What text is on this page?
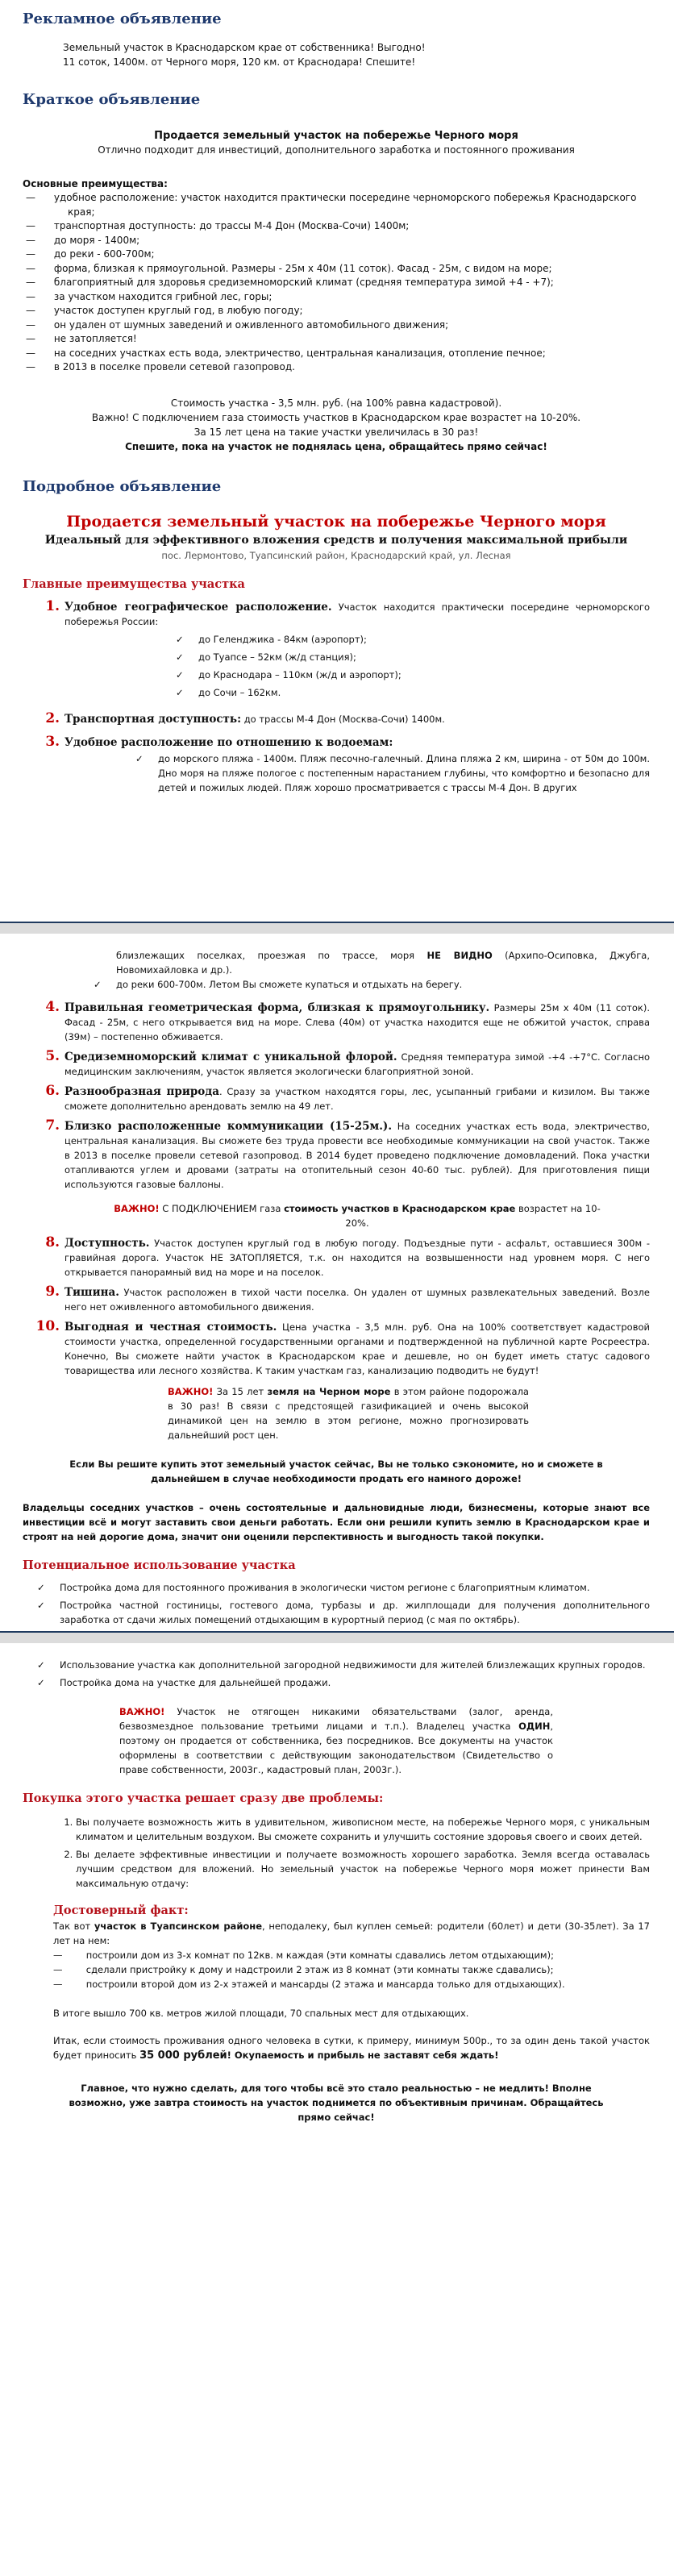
Рекламное объявление
Земельный участок в Краснодарском крае от собственника! Выгодно!
11 соток, 1400м. от Черного моря, 120 км. от Краснодара! Спешите!
Краткое объявление
Продается земельный участок на побережье Черного моря
Отлично подходит для инвестиций, дополнительного заработка и постоянного проживания
Основные преимущества:
—      удобное расположение: участок находится практически посередине черноморского побережья Краснодарского края;
—      транспортная доступность: до трассы М-4 Дон (Москва-Сочи) 1400м;
—      до моря - 1400м;
—      до реки - 600-700м;
—      форма, близкая к прямоугольной. Размеры - 25м х 40м (11 соток). Фасад - 25м, с видом на море;
—      благоприятный для здоровья средиземноморский климат (средняя температура зимой +4 - +7);
—      за участком находится грибной лес, горы;
—      участок доступен круглый год, в любую погоду;
—      он удален от шумных заведений и оживленного автомобильного движения;
—      не затопляется!
—      на соседних участках есть вода, электричество, центральная канализация, отопление печное;
—      в 2013 в поселке провели сетевой газопровод.
Стоимость участка - 3,5 млн. руб. (на 100% равна кадастровой).
Важно! С подключением газа стоимость участков в Краснодарском крае возрастет на 10-20%.
За 15 лет цена на такие участки увеличилась в 30 раз!
Спешите, пока на участок не поднялась цена, обращайтесь прямо сейчас!
Подробное объявление
Продается земельный участок на побережье Черного моря
Идеальный для эффективного вложения средств и получения максимальной прибыли
пос. Лермонтово, Туапсинский район, Краснодарский край, ул. Лесная
Главные преимущества участка
1. Удобное географическое расположение. Участок находится практически посередине черноморского побережья России:
✓ до Геленджика - 84км (аэропорт);
✓ до Туапсе – 52км (ж/д станция);
✓ до Краснодара – 110км (ж/д и аэропорт);
✓ до Сочи – 162км.
2. Транспортная доступность: до трассы М-4 Дон (Москва-Сочи) 1400м.
3. Удобное расположение по отношению к водоемам:
✓ до морского пляжа - 1400м. Пляж песочно-галечный. Длина пляжа 2 км, ширина - от 50м до 100м. Дно моря на пляже пологое с постепенным нарастанием глубины, что комфортно и безопасно для детей и пожилых людей. Пляж хорошо просматривается с трассы М-4 Дон. В других
близлежащих поселках, проезжая по трассе, моря НЕ ВИДНО (Архипо-Осиповка, Джубга, Новомихайловка и др.).
✓ до реки 600-700м. Летом Вы сможете купаться и отдыхать на берегу.
4. Правильная геометрическая форма, близкая к прямоугольнику. Размеры 25м х 40м (11 соток). Фасад - 25м, с него открывается вид на море. Слева (40м) от участка находится еще не обжитой участок, справа (39м) – постепенно обживается.
5. Средиземноморский климат с уникальной флорой. Средняя температура зимой -+4 -+7°С. Согласно медицинским заключениям, участок является экологически благоприятной зоной.
6. Разнообразная природа. Сразу за участком находятся горы, лес, усыпанный грибами и кизилом. Вы также сможете дополнительно арендовать землю на 49 лет.
7. Близко расположенные коммуникации (15-25м.). На соседних участках есть вода, электричество, центральная канализация. Вы сможете без труда провести все необходимые коммуникации на свой участок. Также в 2013 в поселке провели сетевой газопровод. В 2014 будет проведено подключение домовладений. Пока участки отапливаются углем и дровами (затраты на отопительный сезон 40-60 тыс. рублей). Для приготовления пищи используются газовые баллоны.
ВАЖНО! С ПОДКЛЮЧЕНИЕМ газа стоимость участков в Краснодарском крае возрастет на 10-20%.
8. Доступность. Участок доступен круглый год в любую погоду. Подъездные пути - асфальт, оставшиеся 300м - гравийная дорога. Участок НЕ ЗАТОПЛЯЕТСЯ, т.к. он находится на возвышенности над уровнем моря. С него открывается панорамный вид на море и на поселок.
9. Тишина. Участок расположен в тихой части поселка. Он удален от шумных развлекательных заведений. Возле него нет оживленного автомобильного движения.
10. Выгодная и честная стоимость. Цена участка - 3,5 млн. руб. Она на 100% соответствует кадастровой стоимости участка, определенной государственными органами и подтвержденной на публичной карте Росреестра. Конечно, Вы сможете найти участок в Краснодарском крае и дешевле, но он будет иметь статус садового товарищества или лесного хозяйства. К таким участкам газ, канализацию подводить не будут!
ВАЖНО! За 15 лет земля на Черном море в этом районе подорожала в 30 раз! В связи с предстоящей газификацией и очень высокой динамикой цен на землю в этом регионе, можно прогнозировать дальнейший рост цен.
Если Вы решите купить этот земельный участок сейчас, Вы не только сэкономите, но и сможете в дальнейшем в случае необходимости продать его намного дороже!
Владельцы соседних участков – очень состоятельные и дальновидные люди, бизнесмены, которые знают все инвестиции всё и могут заставить свои деньги работать. Если они решили купить землю в Краснодарском крае и строят на ней дорогие дома, значит они оценили перспективность и выгодность такой покупки.
Потенциальное использование участка
✓ Постройка дома для постоянного проживания в экологически чистом регионе с благоприятным климатом.
✓ Постройка частной гостиницы, гостевого дома, турбазы и др. жилплощади для получения дополнительного заработка от сдачи жилых помещений отдыхающим в курортный период (с мая по октябрь).
✓ Использование участка как дополнительной загородной недвижимости для жителей близлежащих крупных городов.
✓ Постройка дома на участке для дальнейшей продажи.
ВАЖНО! Участок не отягощен никакими обязательствами (залог, аренда, безвозмездное пользование третьими лицами и т.п.). Владелец участка ОДИН, поэтому он продается от собственника, без посредников. Все документы на участок оформлены в соответствии с действующим законодательством (Свидетельство о праве собственности, 2003г., кадастровый план, 2003г.).
Покупка этого участка решает сразу две проблемы:
1. Вы получаете возможность жить в удивительном, живописном месте, на побережье Черного моря, с уникальным климатом и целительным воздухом. Вы сможете сохранить и улучшить состояние здоровья своего и своих детей.
2. Вы делаете эффективные инвестиции и получаете возможность хорошего заработка. Земля всегда оставалась лучшим средством для вложений. Но земельный участок на побережье Черного моря может принести Вам максимальную отдачу:
Достоверный факт:
Так вот участок в Туапсинском районе, неподалеку, был куплен семьей: родители (60лет) и дети (30-35лет). За 17 лет на нем:
—        построили дом из 3-х комнат по 12кв. м каждая (эти комнаты сдавались летом отдыхающим);
—        сделали пристройку к дому и надстроили 2 этаж из 8 комнат (эти комнаты также сдавались);
—        построили второй дом из 2-х этажей и мансарды (2 этажа и мансарда только для отдыхающих).
В итоге вышло 700 кв. метров жилой площади, 70 спальных мест для отдыхающих.
Итак, если стоимость проживания одного человека в сутки, к примеру, минимум 500р., то за один день такой участок будет приносить 35 000 рублей! Окупаемость и прибыль не заставят себя ждать!
Главное, что нужно сделать, для того чтобы всё это стало реальностью – не медлить! Вполне возможно, уже завтра стоимость на участок поднимется по объективным причинам. Обращайтесь прямо сейчас!
